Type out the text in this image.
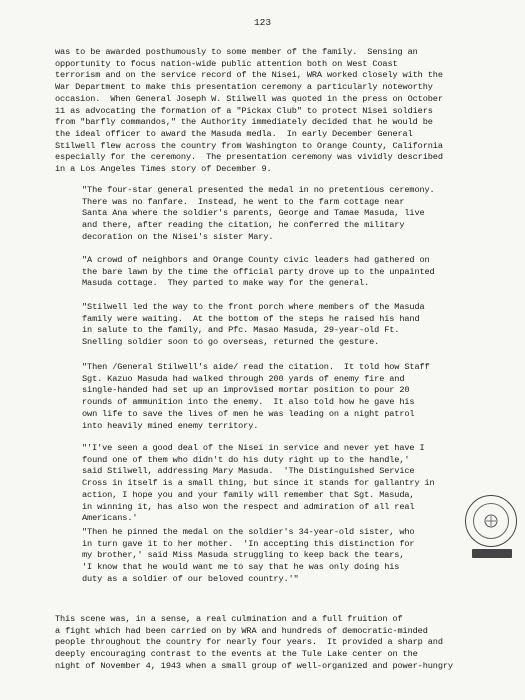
123

was to be awarded posthumously to some member of the family.  Sensing an
opportunity to focus nation-wide public attention both on West Coast
terrorism and on the service record of the Nisei, WRA worked closely with the
War Department to make this presentation ceremony a particularly noteworthy
occasion.  When General Joseph W. Stilwell was quoted in the press on October
11 as advocating the formation of a "Pickax Club" to protect Nisei soldiers
from "barfly commandos," the Authority immediately decided that he would be
the ideal officer to award the Masuda medla.  In early December General
Stilwell flew across the country from Washington to Orange County, California
especially for the ceremony.  The presentation ceremony was vividly described
in a Los Angeles Times story of December 9.

"The four-star general presented the medal in no pretentious ceremony.
There was no fanfare.  Instead, he went to the farm cottage near
Santa Ana where the soldier's parents, George and Tamae Masuda, live
and there, after reading the citation, he conferred the military
decoration on the Nisei's sister Mary.

"A crowd of neighbors and Orange County civic leaders had gathered on
the bare lawn by the time the official party drove up to the unpainted
Masuda cottage.  They parted to make way for the general.

"Stilwell led the way to the front porch where members of the Masuda
family were waiting.  At the bottom of the steps he raised his hand
in salute to the family, and Pfc. Masao Masuda, 29-year-old Ft.
Snelling soldier soon to go overseas, returned the gesture.

"Then /General Stilwell's aide/ read the citation.  It told how Staff
Sgt. Kazuo Masuda had walked through 200 yards of enemy fire and
single-handed had set up an improvised mortar position to pour 20
rounds of ammunition into the enemy.  It also told how he gave his
own life to save the lives of men he was leading on a night patrol
into heavily mined enemy territory.

"'I've seen a good deal of the Nisei in service and never yet have I
found one of them who didn't do his duty right up to the handle,'
said Stilwell, addressing Mary Masuda.  'The Distinguished Service
Cross in itself is a small thing, but since it stands for gallantry in
action, I hope you and your family will remember that Sgt. Masuda,
in winning it, has also won the respect and admiration of all real
Americans.'

"Then he pinned the medal on the soldier's 34-year-old sister, who
in turn gave it to her mother.  'In accepting this distinction for
my brother,' said Miss Masuda struggling to keep back the tears,
'I know that he would want me to say that he was only doing his
duty as a soldier of our beloved country.'"

This scene was, in a sense, a real culmination and a full fruition of
a fight which had been carried on by WRA and hundreds of democratic-minded
people throughout the country for nearly four years.  It provided a sharp and
deeply encouraging contrast to the events at the Tule Lake center on the
night of November 4, 1943 when a small group of well-organized and power-hungry
